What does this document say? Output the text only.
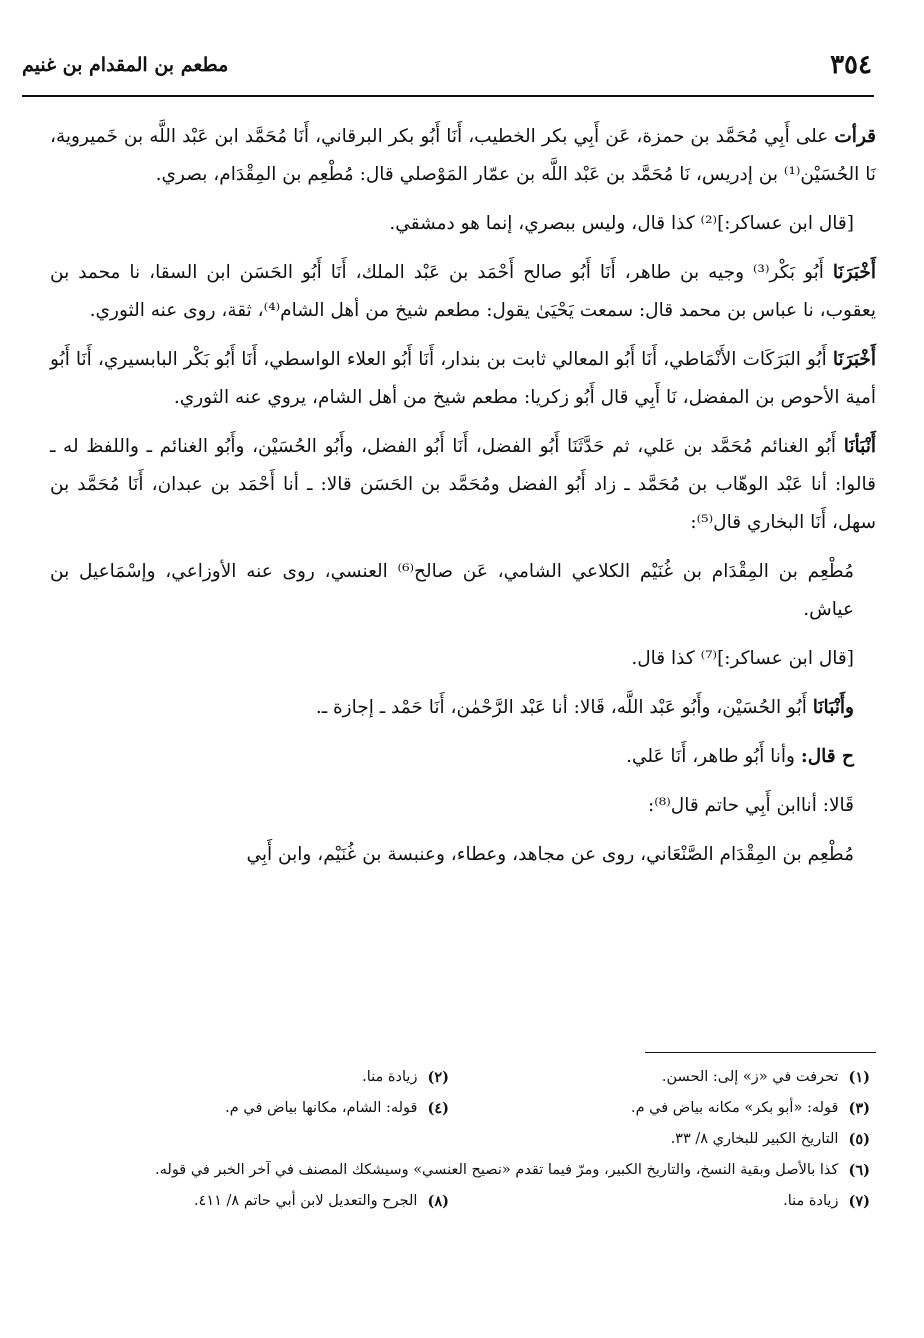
٣٥٤
مطعم بن المقدام بن غنيم

قرأت على أَبِي مُحَمَّد بن حمزة، عَن أَبِي بكر الخطيب، أَنَا أَبُو بكر البرقاني، أَنَا مُحَمَّد ابن عَبْد اللَّه بن خَميروية، نَا الحُسَيْن⁽¹⁾ بن إدريس، نَا مُحَمَّد بن عَبْد اللَّه بن عمّار المَوْصلي قال: مُطْعِم بن المِقْدَام، بصري.

[قال ابن عساكر:]⁽²⁾ كذا قال، وليس ببصري، إنما هو دمشقي.

أَخْبَرَنَا أَبُو بَكْر⁽³⁾ وجيه بن طاهر، أَنَا أَبُو صالح أَحْمَد بن عَبْد الملك، أَنَا أَبُو الحَسَن ابن السقا، نا محمد بن يعقوب، نا عباس بن محمد قال: سمعت يَحْيَىٰ يقول: مطعم شيخ من أهل الشام⁽⁴⁾، ثقة، روى عنه الثوري.

أَخْبَرَنَا أَبُو البَرَكَات الأَنْمَاطي، أَنَا أَبُو المعالي ثابت بن بندار، أَنَا أَبُو العلاء الواسطي، أَنَا أَبُو بَكْر البابسيري، أَنَا أَبُو أمية الأحوص بن المفضل، نَا أَبِي قال أَبُو زكريا: مطعم شيخ من أهل الشام، يروي عنه الثوري.

أَنْبَأنَا أَبُو الغنائم مُحَمَّد بن عَلي، ثم حَدَّثَنَا أَبُو الفضل، أَنَا أَبُو الفضل، وأَبُو الحُسَيْن، وأَبُو الغنائم ـ واللفظ له ـ قالوا: أنا عَبْد الوهّاب بن مُحَمَّد ـ زاد أَبُو الفضل ومُحَمَّد بن الحَسَن قالا: ـ أنا أَحْمَد بن عبدان، أَنَا مُحَمَّد بن سهل، أَنَا البخاري قال⁽⁵⁾:

مُطْعِم بن المِقْدَام بن غُنَيْم الكلاعي الشامي، عَن صالح⁽⁶⁾ العنسي، روى عنه الأوزاعي، وإسْمَاعيل بن عياش.

[قال ابن عساكر:]⁽⁷⁾ كذا قال.

وأَنْبَانَا أَبُو الحُسَيْن، وأَبُو عَبْد اللَّه، قَالا: أنا عَبْد الرَّحْمٰن، أَنَا حَمْد ـ إجازة ـ.

ح قال: وأنا أَبُو طاهر، أَنَا عَلي.

قَالا: أناابن أَبِي حاتم قال⁽⁸⁾:

مُطْعِم بن المِقْدَام الصَّنْعَاني، روى عن مجاهد، وعطاء، وعنبسة بن غُنَيْم، وابن أَبِي

(١)
تحرفت في «ز» إلى: الحسن.
(٢)
زيادة منا.
(٣)
قوله: «أبو بكر» مكانه بياض في م.
(٤)
قوله: الشام، مكانها بياض في م.
(٥)
التاريخ الكبير للبخاري ٨/ ٣٣.
(٦)
كذا بالأصل وبقية النسخ، والتاريخ الكبير، ومرّ فيما تقدم «نصيح العنسي» وسيشكك المصنف في آخر الخبر في قوله.
(٧)
زيادة منا.
(٨)
الجرح والتعديل لابن أبي حاتم ٨/ ٤١١.
